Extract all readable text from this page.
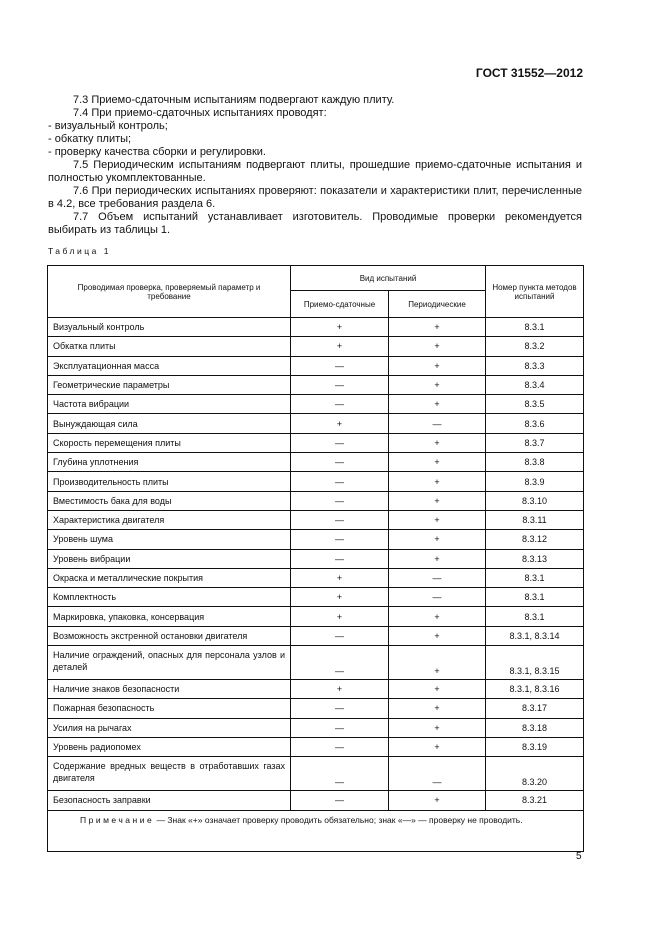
ГОСТ 31552—2012

7.3 Приемо-сдаточным испытаниям подвергают каждую плиту.

7.4 При приемо-сдаточных испытаниях проводят:

- визуальный контроль;

- обкатку плиты;

- проверку качества сборки и регулировки.

7.5 Периодическим испытаниям подвергают плиты, прошедшие приемо-сдаточные испытания и полностью укомплектованные.

7.6 При периодических испытаниях проверяют: показатели и характеристики плит, перечисленные в 4.2, все требования раздела 6.

7.7 Объем испытаний устанавливает изготовитель. Проводимые проверки рекомендуется выбирать из таблицы 1.

Таблица 1
Проводимая проверка, проверяемый параметр и требование	Вид испытаний		Номер пункта методов испытаний
	Приемо-сдаточные	Периодические	
Визуальный контроль	+	+	8.3.1
Обкатка плиты	+	+	8.3.2
Эксплуатационная масса	—	+	8.3.3
Геометрические параметры	—	+	8.3.4
Частота вибрации	—	+	8.3.5
Вынуждающая сила	+	—	8.3.6
Скорость перемещения плиты	—	+	8.3.7
Глубина уплотнения	—	+	8.3.8
Производительность плиты	—	+	8.3.9
Вместимость бака для воды	—	+	8.3.10
Характеристика двигателя	—	+	8.3.11
Уровень шума	—	+	8.3.12
Уровень вибрации	—	+	8.3.13
Окраска и металлические покрытия	+	—	8.3.1
Комплектность	+	—	8.3.1
Маркировка, упаковка, консервация	+	+	8.3.1
Возможность экстренной остановки двигателя	—	+	8.3.1, 8.3.14
Наличие ограждений, опасных для персонала узлов и деталей	—	+	8.3.1, 8.3.15
Наличие знаков безопасности	+	+	8.3.1, 8.3.16
Пожарная безопасность	—	+	8.3.17
Усилия на рычагах	—	+	8.3.18
Уровень радиопомех	—	+	8.3.19
Содержание вредных веществ в отработавших газах двигателя	—	—	8.3.20
Безопасность заправки	—	+	8.3.21
Примечание — Знак «+» означает проверку проводить обязательно; знак «—» — проверку не проводить.			
5
